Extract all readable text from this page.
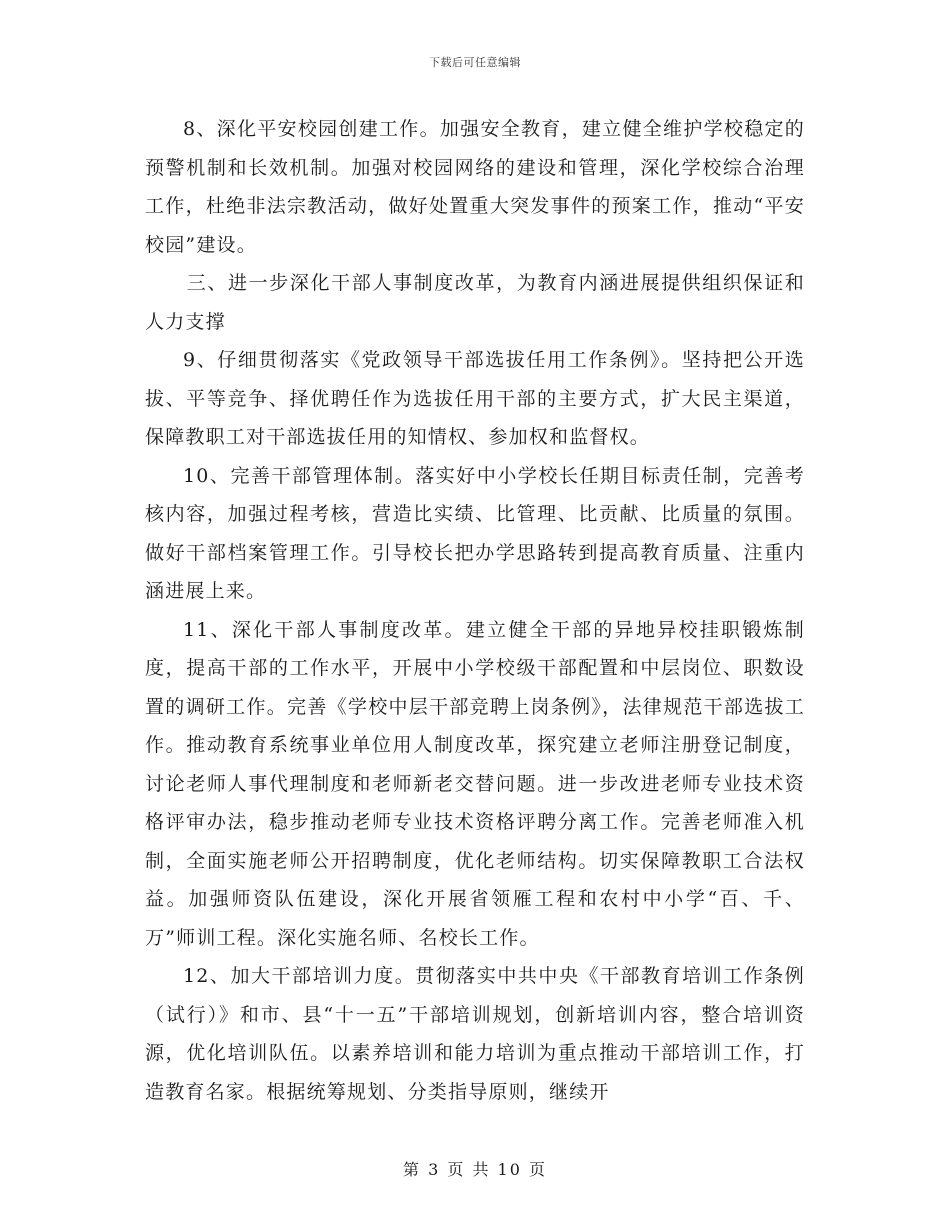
下载后可任意编辑

8、深化平安校园创建工作。加强安全教育，建立健全维护学校稳定的预警机制和长效机制。加强对校园网络的建设和管理，深化学校综合治理工作，杜绝非法宗教活动，做好处置重大突发事件的预案工作，推动“平安校园”建设。

三、进一步深化干部人事制度改革，为教育内涵进展提供组织保证和人力支撑

9、仔细贯彻落实《党政领导干部选拔任用工作条例》。坚持把公开选拔、平等竞争、择优聘任作为选拔任用干部的主要方式，扩大民主渠道，保障教职工对干部选拔任用的知情权、参加权和监督权。

10、完善干部管理体制。落实好中小学校长任期目标责任制，完善考核内容，加强过程考核，营造比实绩、比管理、比贡献、比质量的氛围。做好干部档案管理工作。引导校长把办学思路转到提高教育质量、注重内涵进展上来。

11、深化干部人事制度改革。建立健全干部的异地异校挂职锻炼制度，提高干部的工作水平，开展中小学校级干部配置和中层岗位、职数设置的调研工作。完善《学校中层干部竞聘上岗条例》，法律规范干部选拔工作。推动教育系统事业单位用人制度改革，探究建立老师注册登记制度，讨论老师人事代理制度和老师新老交替问题。进一步改进老师专业技术资格评审办法，稳步推动老师专业技术资格评聘分离工作。完善老师准入机制，全面实施老师公开招聘制度，优化老师结构。切实保障教职工合法权益。加强师资队伍建设，深化开展省领雁工程和农村中小学“百、千、万”师训工程。深化实施名师、名校长工作。

12、加大干部培训力度。贯彻落实中共中央《干部教育培训工作条例（试行）》和市、县“十一五”干部培训规划，创新培训内容，整合培训资源，优化培训队伍。以素养培训和能力培训为重点推动干部培训工作，打造教育名家。根据统筹规划、分类指导原则，继续开

第 3 页 共 10 页
